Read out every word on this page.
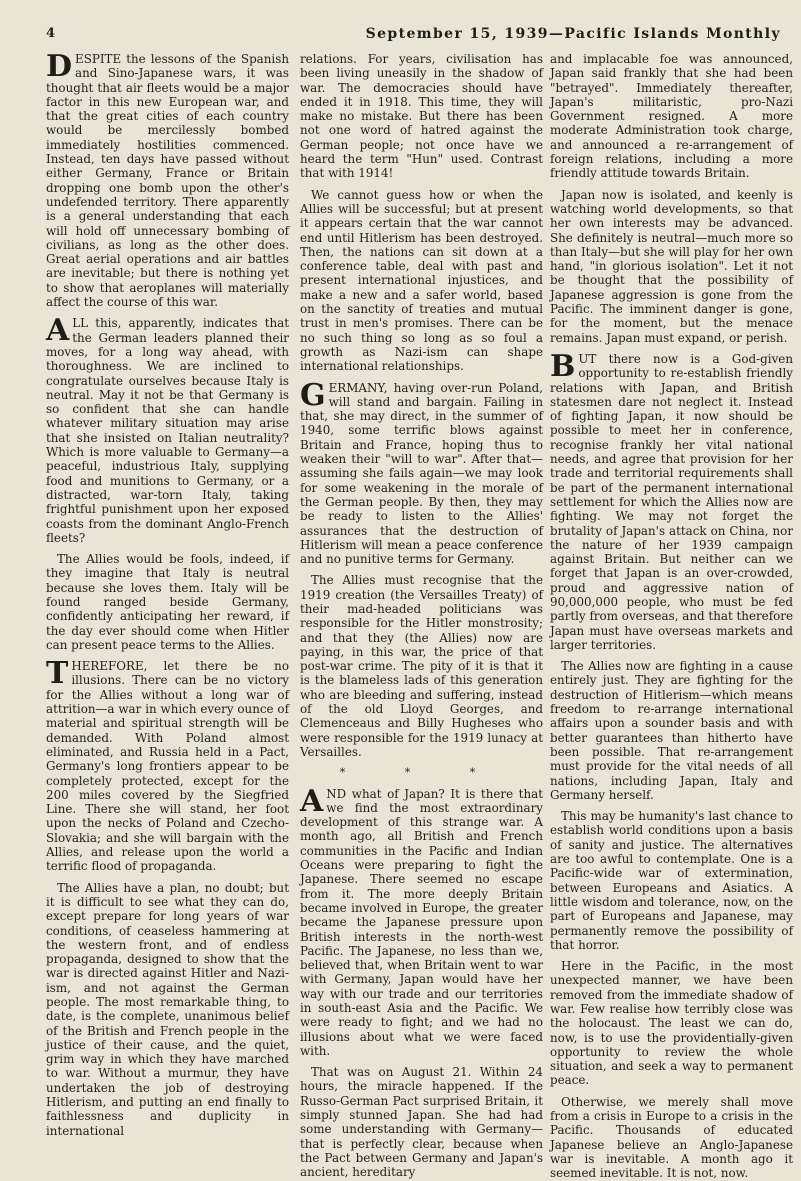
4	September 15, 1939—Pacific Islands Monthly

DESPITE the lessons of the Spanish and Sino-Japanese wars, it was thought that air fleets would be a major factor in this new European war, and that the great cities of each country would be mercilessly bombed immediately hostilities commenced. Instead, ten days have passed without either Germany, France or Britain dropping one bomb upon the other's undefended territory. There apparently is a general understanding that each will hold off unnecessary bombing of civilians, as long as the other does. Great aerial operations and air battles are inevitable; but there is nothing yet to show that aeroplanes will materially affect the course of this war.

ALL this, apparently, indicates that the German leaders planned their moves, for a long way ahead, with thoroughness. We are inclined to congratulate ourselves because Italy is neutral. May it not be that Germany is so confident that she can handle whatever military situation may arise that she insisted on Italian neutrality? Which is more valuable to Germany—a peaceful, industrious Italy, supplying food and munitions to Germany, or a distracted, war-torn Italy, taking frightful punishment upon her exposed coasts from the dominant Anglo-French fleets?

The Allies would be fools, indeed, if they imagine that Italy is neutral because she loves them. Italy will be found ranged beside Germany, confidently anticipating her reward, if the day ever should come when Hitler can present peace terms to the Allies.

THEREFORE, let there be no illusions. There can be no victory for the Allies without a long war of attrition—a war in which every ounce of material and spiritual strength will be demanded. With Poland almost eliminated, and Russia held in a Pact, Germany's long frontiers appear to be completely protected, except for the 200 miles covered by the Siegfried Line. There she will stand, her foot upon the necks of Poland and Czecho-Slovakia; and she will bargain with the Allies, and release upon the world a terrific flood of propaganda.

The Allies have a plan, no doubt; but it is difficult to see what they can do, except prepare for long years of war conditions, of ceaseless hammering at the western front, and of endless propaganda, designed to show that the war is directed against Hitler and Nazi-ism, and not against the German people. The most remarkable thing, to date, is the complete, unanimous belief of the British and French people in the justice of their cause, and the quiet, grim way in which they have marched to war. Without a murmur, they have undertaken the job of destroying Hitlerism, and putting an end finally to faithlessness and duplicity in international

relations. For years, civilisation has been living uneasily in the shadow of war. The democracies should have ended it in 1918. This time, they will make no mistake. But there has been not one word of hatred against the German people; not once have we heard the term "Hun" used. Contrast that with 1914!

We cannot guess how or when the Allies will be successful; but at present it appears certain that the war cannot end until Hitlerism has been destroyed. Then, the nations can sit down at a conference table, deal with past and present international injustices, and make a new and a safer world, based on the sanctity of treaties and mutual trust in men's promises. There can be no such thing so long as so foul a growth as Nazi-ism can shape international relationships.

GERMANY, having over-run Poland, will stand and bargain. Failing in that, she may direct, in the summer of 1940, some terrific blows against Britain and France, hoping thus to weaken their "will to war". After that—assuming she fails again—we may look for some weakening in the morale of the German people. By then, they may be ready to listen to the Allies' assurances that the destruction of Hitlerism will mean a peace conference and no punitive terms for Germany.

The Allies must recognise that the 1919 creation (the Versailles Treaty) of their mad-headed politicians was responsible for the Hitler monstrosity; and that they (the Allies) now are paying, in this war, the price of that post-war crime. The pity of it is that it is the blameless lads of this generation who are bleeding and suffering, instead of the old Lloyd Georges, and Clemenceaus and Billy Hugheses who were responsible for the 1919 lunacy at Versailles.

* * *

AND what of Japan? It is there that we find the most extraordinary development of this strange war. A month ago, all British and French communities in the Pacific and Indian Oceans were preparing to fight the Japanese. There seemed no escape from it. The more deeply Britain became involved in Europe, the greater became the Japanese pressure upon British interests in the north-west Pacific. The Japanese, no less than we, believed that, when Britain went to war with Germany, Japan would have her way with our trade and our territories in south-east Asia and the Pacific. We were ready to fight; and we had no illusions about what we were faced with.

That was on August 21. Within 24 hours, the miracle happened. If the Russo-German Pact surprised Britain, it simply stunned Japan. She had had some understanding with Germany—that is perfectly clear, because when the Pact between Germany and Japan's ancient, hereditary

and implacable foe was announced, Japan said frankly that she had been "betrayed". Immediately thereafter, Japan's militaristic, pro-Nazi Government resigned. A more moderate Administration took charge, and announced a re-arrangement of foreign relations, including a more friendly attitude towards Britain.

Japan now is isolated, and keenly is watching world developments, so that her own interests may be advanced. She definitely is neutral—much more so than Italy—but she will play for her own hand, "in glorious isolation". Let it not be thought that the possibility of Japanese aggression is gone from the Pacific. The imminent danger is gone, for the moment, but the menace remains. Japan must expand, or perish.

BUT there now is a God-given opportunity to re-establish friendly relations with Japan, and British statesmen dare not neglect it. Instead of fighting Japan, it now should be possible to meet her in conference, recognise frankly her vital national needs, and agree that provision for her trade and territorial requirements shall be part of the permanent international settlement for which the Allies now are fighting. We may not forget the brutality of Japan's attack on China, nor the nature of her 1939 campaign against Britain. But neither can we forget that Japan is an over-crowded, proud and aggressive nation of 90,000,000 people, who must be fed partly from overseas, and that therefore Japan must have overseas markets and larger territories.

The Allies now are fighting in a cause entirely just. They are fighting for the destruction of Hitlerism—which means freedom to re-arrange international affairs upon a sounder basis and with better guarantees than hitherto have been possible. That re-arrangement must provide for the vital needs of all nations, including Japan, Italy and Germany herself.

This may be humanity's last chance to establish world conditions upon a basis of sanity and justice. The alternatives are too awful to contemplate. One is a Pacific-wide war of extermination, between Europeans and Asiatics. A little wisdom and tolerance, now, on the part of Europeans and Japanese, may permanently remove the possibility of that horror.

Here in the Pacific, in the most unexpected manner, we have been removed from the immediate shadow of war. Few realise how terribly close was the holocaust. The least we can do, now, is to use the providentially-given opportunity to review the whole situation, and seek a way to permanent peace.

Otherwise, we merely shall move from a crisis in Europe to a crisis in the Pacific. Thousands of educated Japanese believe an Anglo-Japanese war is inevitable. A month ago it seemed inevitable. It is not, now.
